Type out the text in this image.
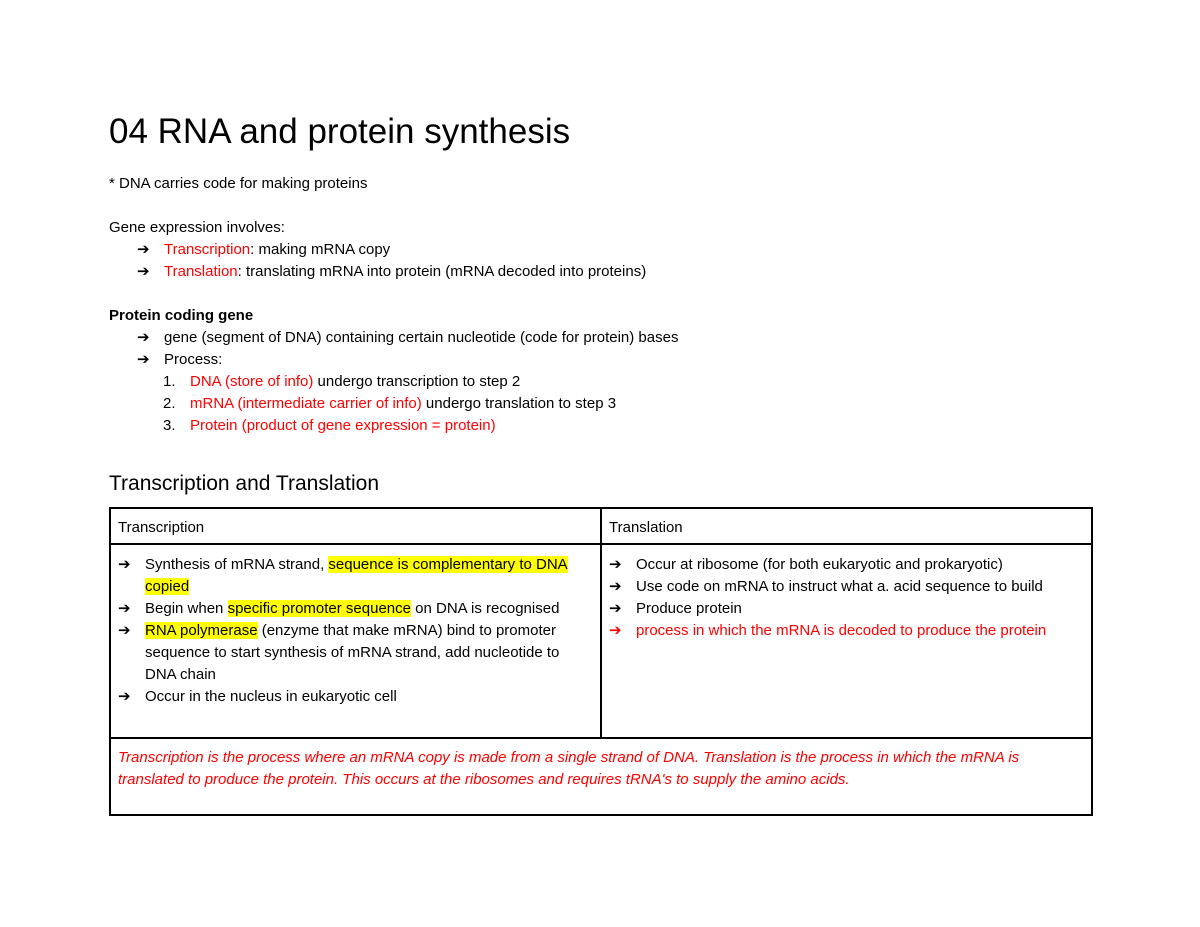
04 RNA and protein synthesis
* DNA carries code for making proteins
Gene expression involves:
➔ Transcription: making mRNA copy
➔ Translation: translating mRNA into protein (mRNA decoded into proteins)
Protein coding gene
➔ gene (segment of DNA) containing certain nucleotide (code for protein) bases
➔ Process:
1. DNA (store of info) undergo transcription to step 2
2. mRNA (intermediate carrier of info) undergo translation to step 3
3. Protein (product of gene expression = protein)
Transcription and Translation
Transcription	Translation
➔ Synthesis of mRNA strand, sequence is complementary to DNA copied
➔ Begin when specific promoter sequence on DNA is recognised
➔ RNA polymerase (enzyme that make mRNA) bind to promoter sequence to start synthesis of mRNA strand, add nucleotide to DNA chain
➔ Occur in the nucleus in eukaryotic cell
➔ Occur at ribosome (for both eukaryotic and prokaryotic)
➔ Use code on mRNA to instruct what a. acid sequence to build
➔ Produce protein
➔ process in which the mRNA is decoded to produce the protein
Transcription is the process where an mRNA copy is made from a single strand of DNA. Translation is the process in which the mRNA is translated to produce the protein. This occurs at the ribosomes and requires tRNA's to supply the amino acids.
